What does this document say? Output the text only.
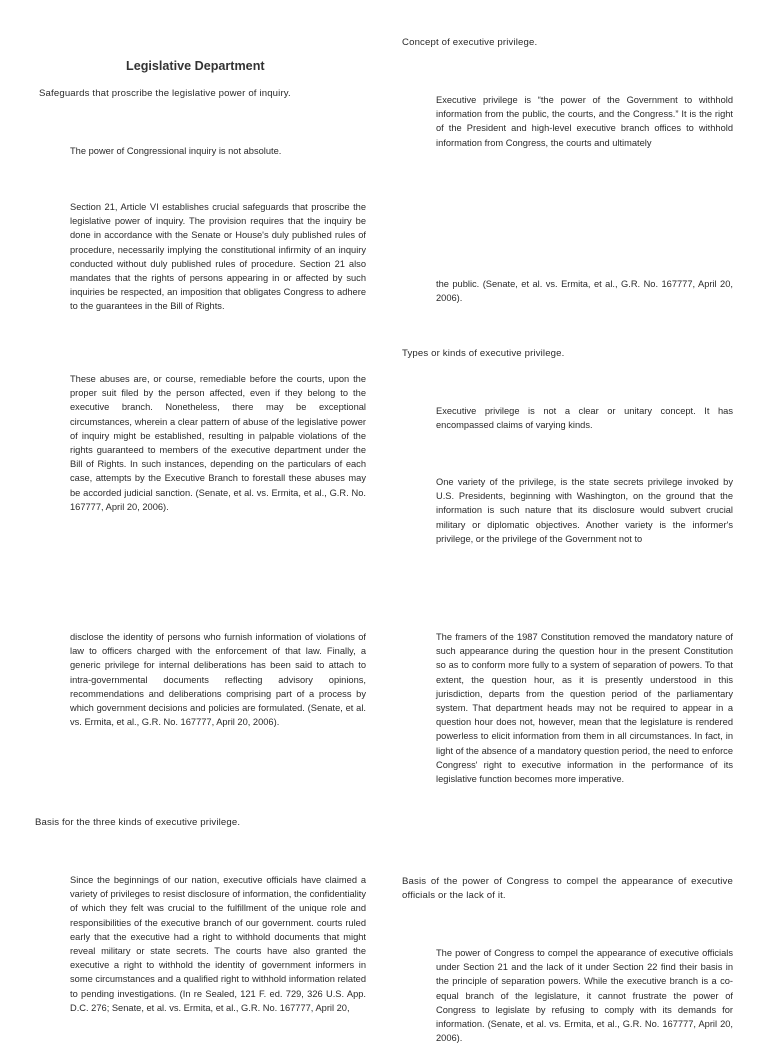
Legislative Department

Safeguards that proscribe the legislative power of inquiry.

The power of Congressional inquiry is not absolute.

Section 21, Article VI establishes crucial safeguards that proscribe the legislative power of inquiry. The provision requires that the inquiry be done in accordance with the Senate or House's duly published rules of procedure, necessarily implying the constitutional infirmity of an inquiry conducted without duly published rules of procedure. Section 21 also mandates that the rights of persons appearing in or affected by such inquiries be respected, an imposition that obligates Congress to adhere to the guarantees in the Bill of Rights.

These abuses are, or course, remediable before the courts, upon the proper suit filed by the person affected, even if they belong to the executive branch. Nonetheless, there may be exceptional circumstances, wherein a clear pattern of abuse of the legislative power of inquiry might be established, resulting in palpable violations of the rights guaranteed to members of the executive department under the Bill of Rights. In such instances, depending on the particulars of each case, attempts by the Executive Branch to forestall these abuses may be accorded judicial sanction. (Senate, et al. vs. Ermita, et al., G.R. No. 167777, April 20, 2006).

disclose the identity of persons who furnish information of violations of law to officers charged with the enforcement of that law. Finally, a generic privilege for internal deliberations has been said to attach to intra-governmental documents reflecting advisory opinions, recommendations and deliberations comprising part of a process by which government decisions and policies are formulated. (Senate, et al. vs. Ermita, et al., G.R. No. 167777, April 20, 2006).

Basis for the three kinds of executive privilege.

Since the beginnings of our nation, executive officials have claimed a variety of privileges to resist disclosure of information, the confidentiality of which they felt was crucial to the fulfillment of the unique role and responsibilities of the executive branch of our government. courts ruled early that the executive had a right to withhold documents that might reveal military or state secrets. The courts have also granted the executive a right to withhold the identity of government informers in some circumstances and a qualified right to withhold information related to pending investigations. (In re Sealed, 121 F. ed. 729, 326 U.S. App. D.C. 276; Senate, et al. vs. Ermita, et al., G.R. No. 167777, April 20,

Concept of executive privilege.

Executive privilege is “the power of the Government to withhold information from the public, the courts, and the Congress.” It is the right of the President and high-level executive branch offices to withhold information from Congress, the courts and ultimately

the public. (Senate, et al. vs. Ermita, et al., G.R. No. 167777, April 20, 2006).

Types or kinds of executive privilege.

Executive privilege is not a clear or unitary concept. It has encompassed claims of varying kinds.

One variety of the privilege, is the state secrets privilege invoked by U.S. Presidents, beginning with Washington, on the ground that the information is such nature that its disclosure would subvert crucial military or diplomatic objectives. Another variety is the informer's privilege, or the privilege of the Government not to

The framers of the 1987 Constitution removed the mandatory nature of such appearance during the question hour in the present Constitution so as to conform more fully to a system of separation of powers. To that extent, the question hour, as it is presently understood in this jurisdiction, departs from the question period of the parliamentary system. That department heads may not be required to appear in a question hour does not, however, mean that the legislature is rendered powerless to elicit information from them in all circumstances. In fact, in light of the absence of a mandatory question period, the need to enforce Congress' right to executive information in the performance of its legislative function becomes more imperative.

Basis of the power of Congress to compel the appearance of executive officials or the lack of it.

The power of Congress to compel the appearance of executive officials under Section 21 and the lack of it under Section 22 find their basis in the principle of separation powers. While the executive branch is a co-equal branch of the legislature, it cannot frustrate the power of Congress to legislate by refusing to comply with its demands for information. (Senate, et al. vs. Ermita, et al., G.R. No. 167777, April 20, 2006).
